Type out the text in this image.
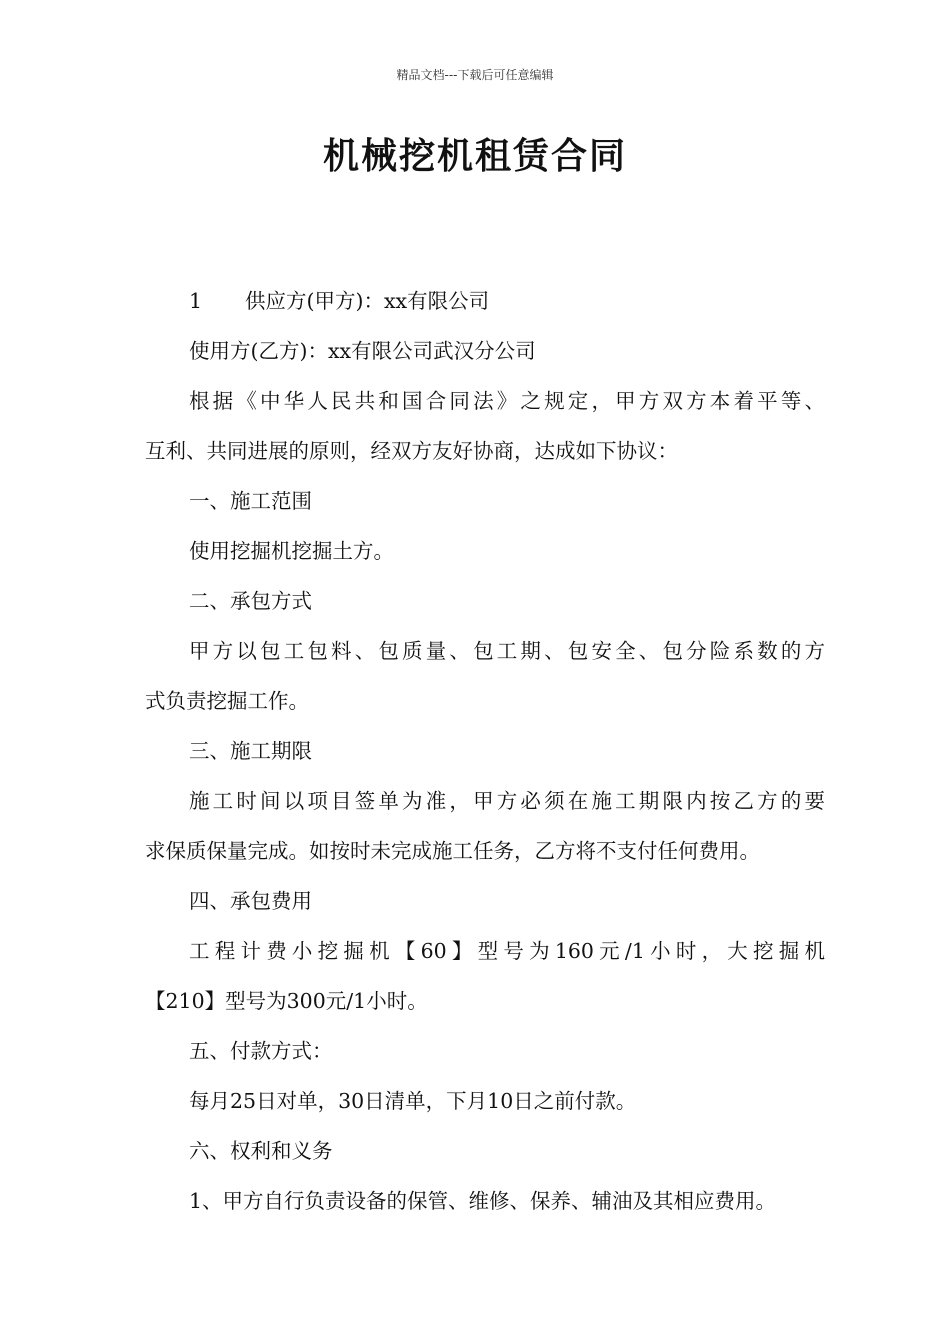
精品文档---下载后可任意编辑
机械挖机租赁合同
1 供应方(甲方)：xx有限公司
使用方(乙方)：xx有限公司武汉分公司
根据《中华人民共和国合同法》之规定，甲方双方本着平等、
互利、共同进展的原则，经双方友好协商，达成如下协议：
一、施工范围
使用挖掘机挖掘土方。
二、承包方式
甲方以包工包料、包质量、包工期、包安全、包分险系数的方
式负责挖掘工作。
三、施工期限
施工时间以项目签单为准，甲方必须在施工期限内按乙方的要
求保质保量完成。如按时未完成施工任务，乙方将不支付任何费用。
四、承包费用
工程计费小挖掘机【60】型号为160元/1小时，大挖掘机
【210】型号为300元/1小时。
五、付款方式：
每月25日对单，30日清单，下月10日之前付款。
六、权利和义务
1、甲方自行负责设备的保管、维修、保养、辅油及其相应费用。
